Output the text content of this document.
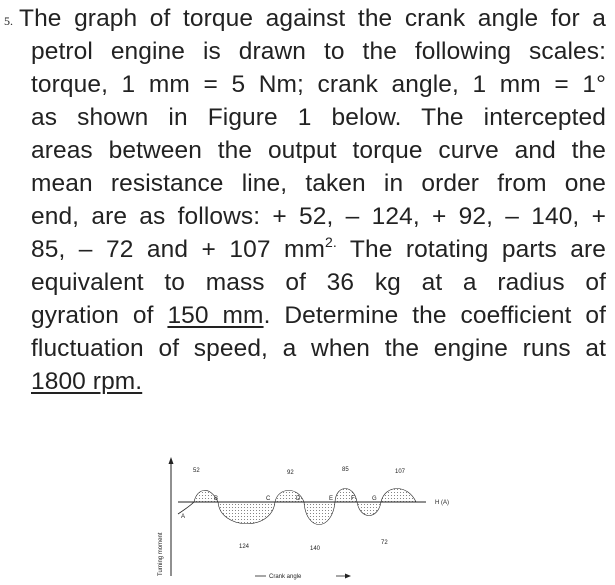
5. The graph of torque against the crank angle for a
petrol engine is drawn to the following scales:
torque, 1 mm = 5 Nm; crank angle, 1 mm = 1°
as shown in Figure 1 below. The intercepted
areas between the output torque curve and the
mean resistance line, taken in order from one
end, are as follows: + 52, – 124, + 92, – 140, +
85, – 72 and + 107 $mm^{2.}$ The rotating parts are
equivalent to mass of 36 kg at a radius of
gyration of 150 mm. Determine the coefficient of
fluctuation of speed, a when the engine runs at
1800 rpm.
Turning moment
A
B	C	D	E	F	G
H (A)
52	92	85	107
124	140
72
Crank angle
